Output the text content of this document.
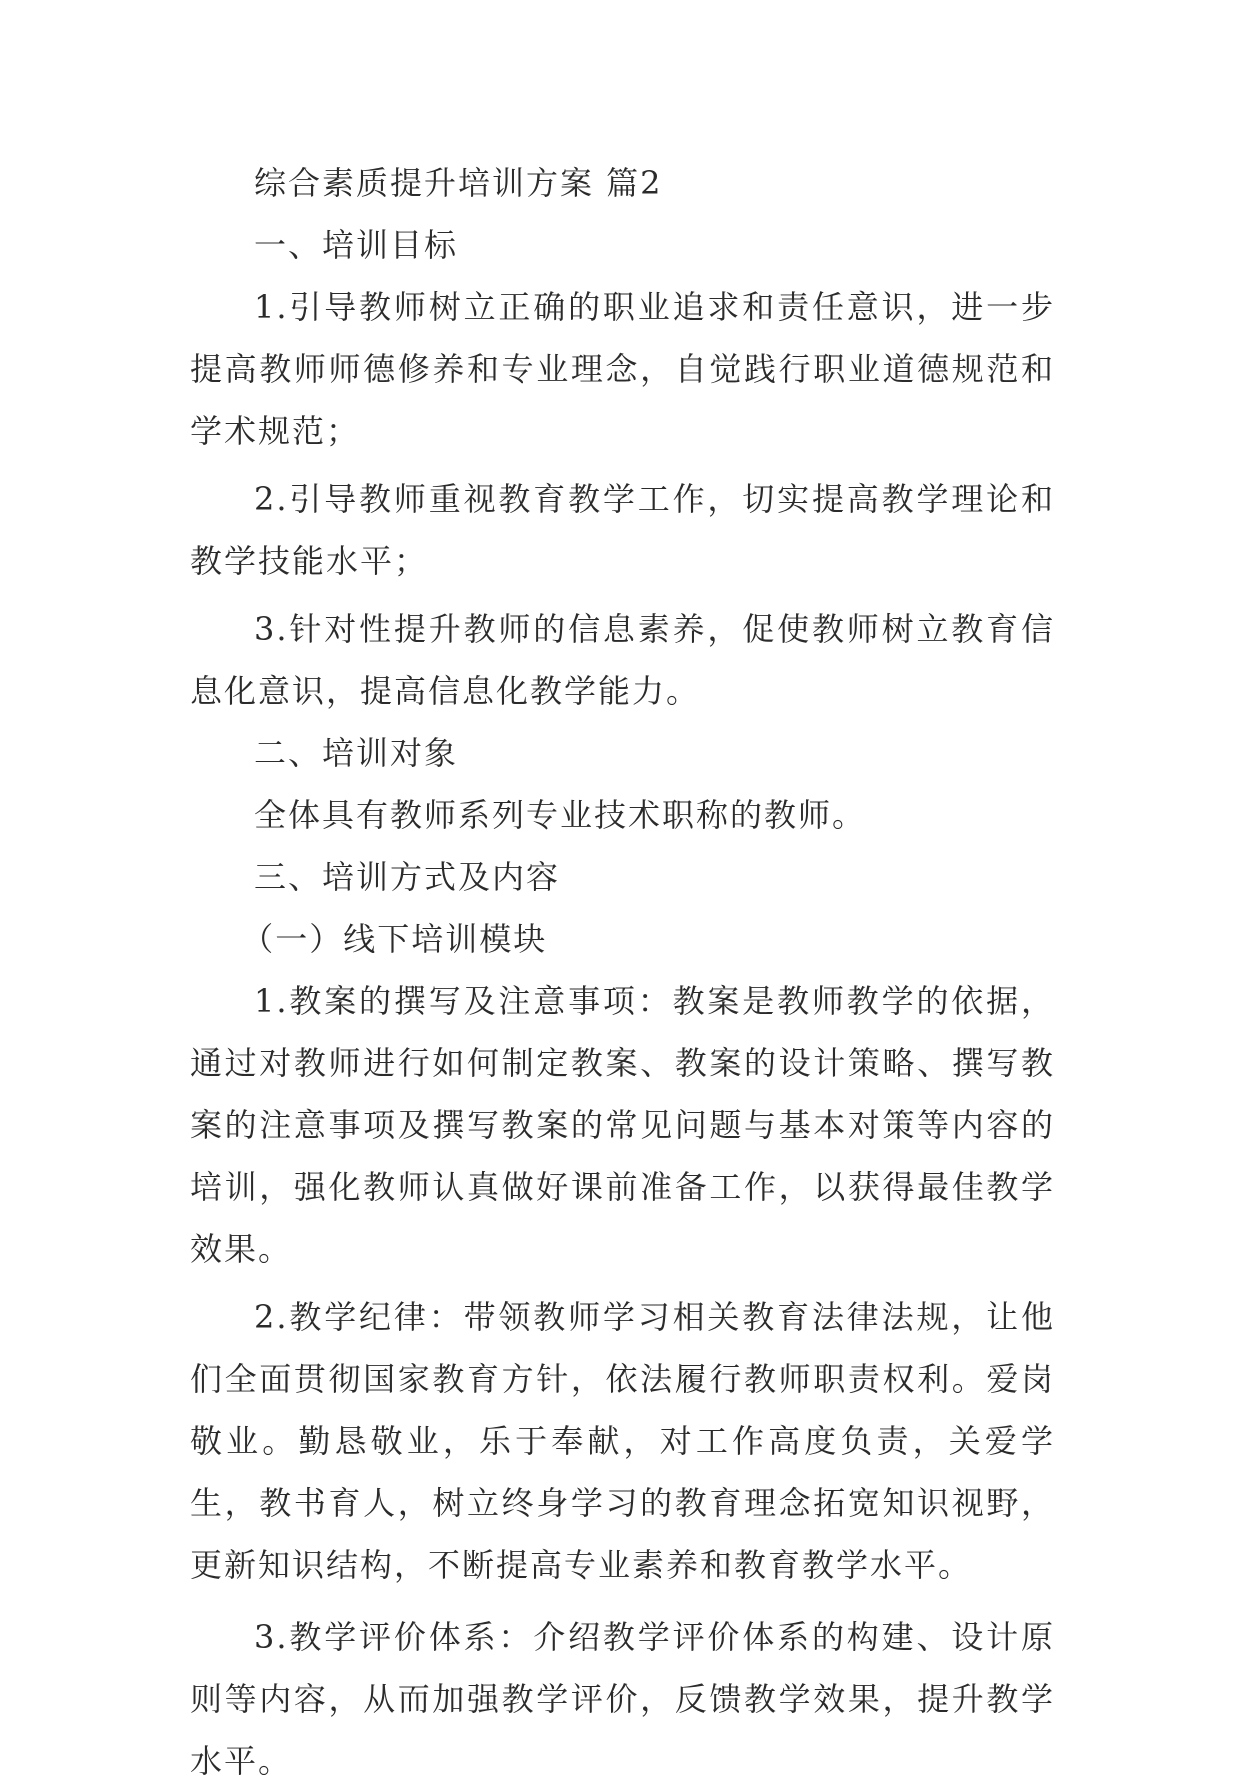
综合素质提升培训方案 篇2

一、培训目标

1.引导教师树立正确的职业追求和责任意识，进一步提高教师师德修养和专业理念，自觉践行职业道德规范和学术规范；

2.引导教师重视教育教学工作，切实提高教学理论和教学技能水平；

3.针对性提升教师的信息素养，促使教师树立教育信息化意识，提高信息化教学能力。

二、培训对象

全体具有教师系列专业技术职称的教师。

三、培训方式及内容

（一）线下培训模块

1.教案的撰写及注意事项：教案是教师教学的依据，通过对教师进行如何制定教案、教案的设计策略、撰写教案的注意事项及撰写教案的常见问题与基本对策等内容的培训，强化教师认真做好课前准备工作，以获得最佳教学效果。

2.教学纪律：带领教师学习相关教育法律法规，让他们全面贯彻国家教育方针，依法履行教师职责权利。爱岗敬业。勤恳敬业，乐于奉献，对工作高度负责，关爱学生，教书育人，树立终身学习的教育理念拓宽知识视野，更新知识结构，不断提高专业素养和教育教学水平。

3.教学评价体系：介绍教学评价体系的构建、设计原则等内容，从而加强教学评价，反馈教学效果，提升教学水平。
